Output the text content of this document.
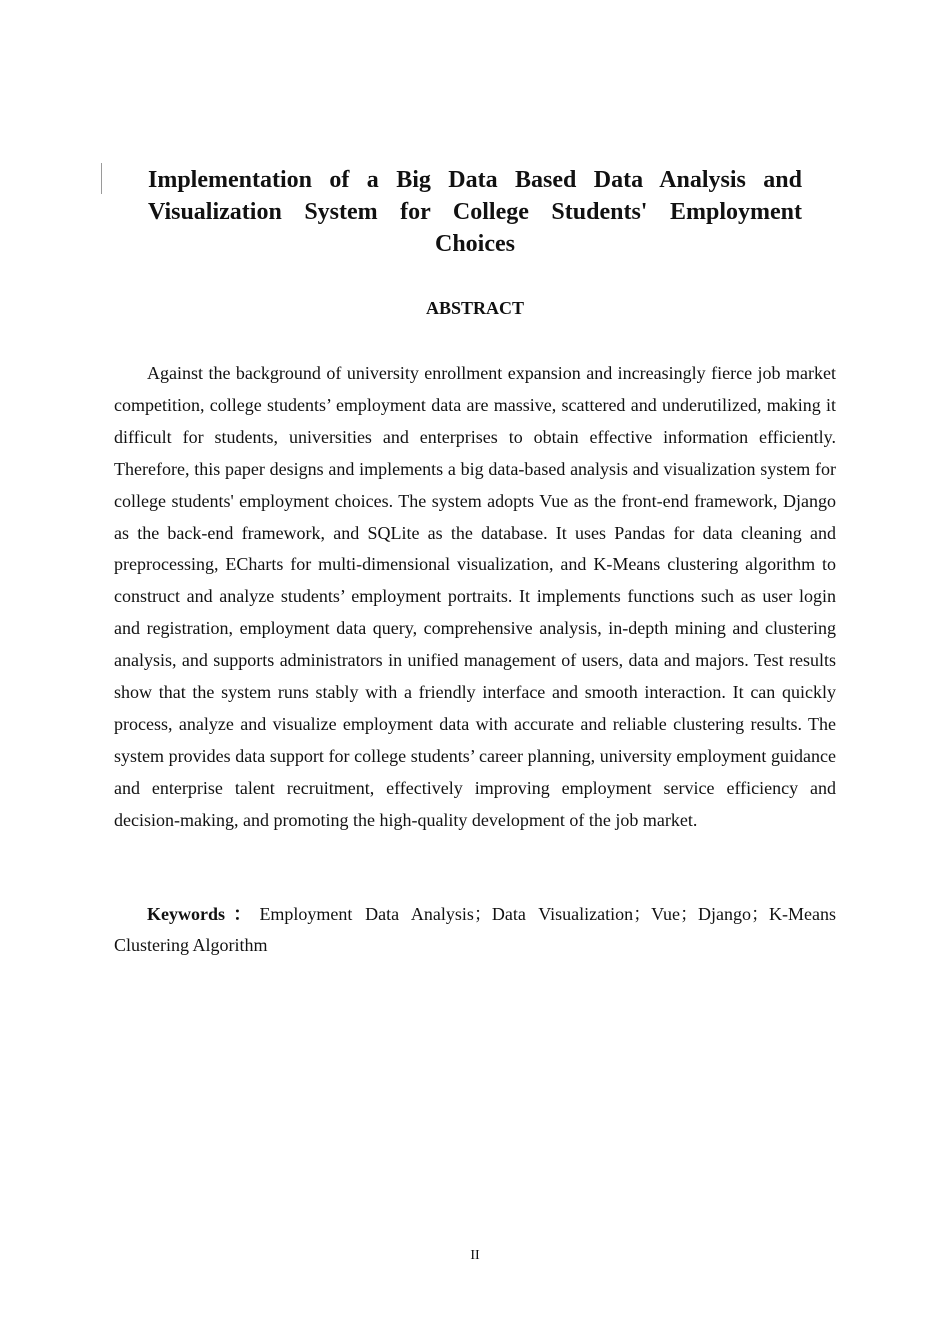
Implementation of a Big Data Based Data Analysis and Visualization System for College Students' Employment Choices
ABSTRACT

Against the background of university enrollment expansion and increasingly fierce job market competition, college students’ employment data are massive, scattered and underutilized, making it difficult for students, universities and enterprises to obtain effective information efficiently. Therefore, this paper designs and implements a big data-based analysis and visualization system for college students' employment choices. The system adopts Vue as the front-end framework, Django as the back-end framework, and SQLite as the database. It uses Pandas for data cleaning and preprocessing, ECharts for multi-dimensional visualization, and K-Means clustering algorithm to construct and analyze students’ employment portraits. It implements functions such as user login and registration, employment data query, comprehensive analysis, in-depth mining and clustering analysis, and supports administrators in unified management of users, data and majors. Test results show that the system runs stably with a friendly interface and smooth interaction. It can quickly process, analyze and visualize employment data with accurate and reliable clustering results. The system provides data support for college students’ career planning, university employment guidance and enterprise talent recruitment, effectively improving employment service efficiency and decision-making, and promoting the high-quality development of the job market.

Keywords：Employment Data Analysis；Data Visualization；Vue；Django；K-Means Clustering Algorithm

II
